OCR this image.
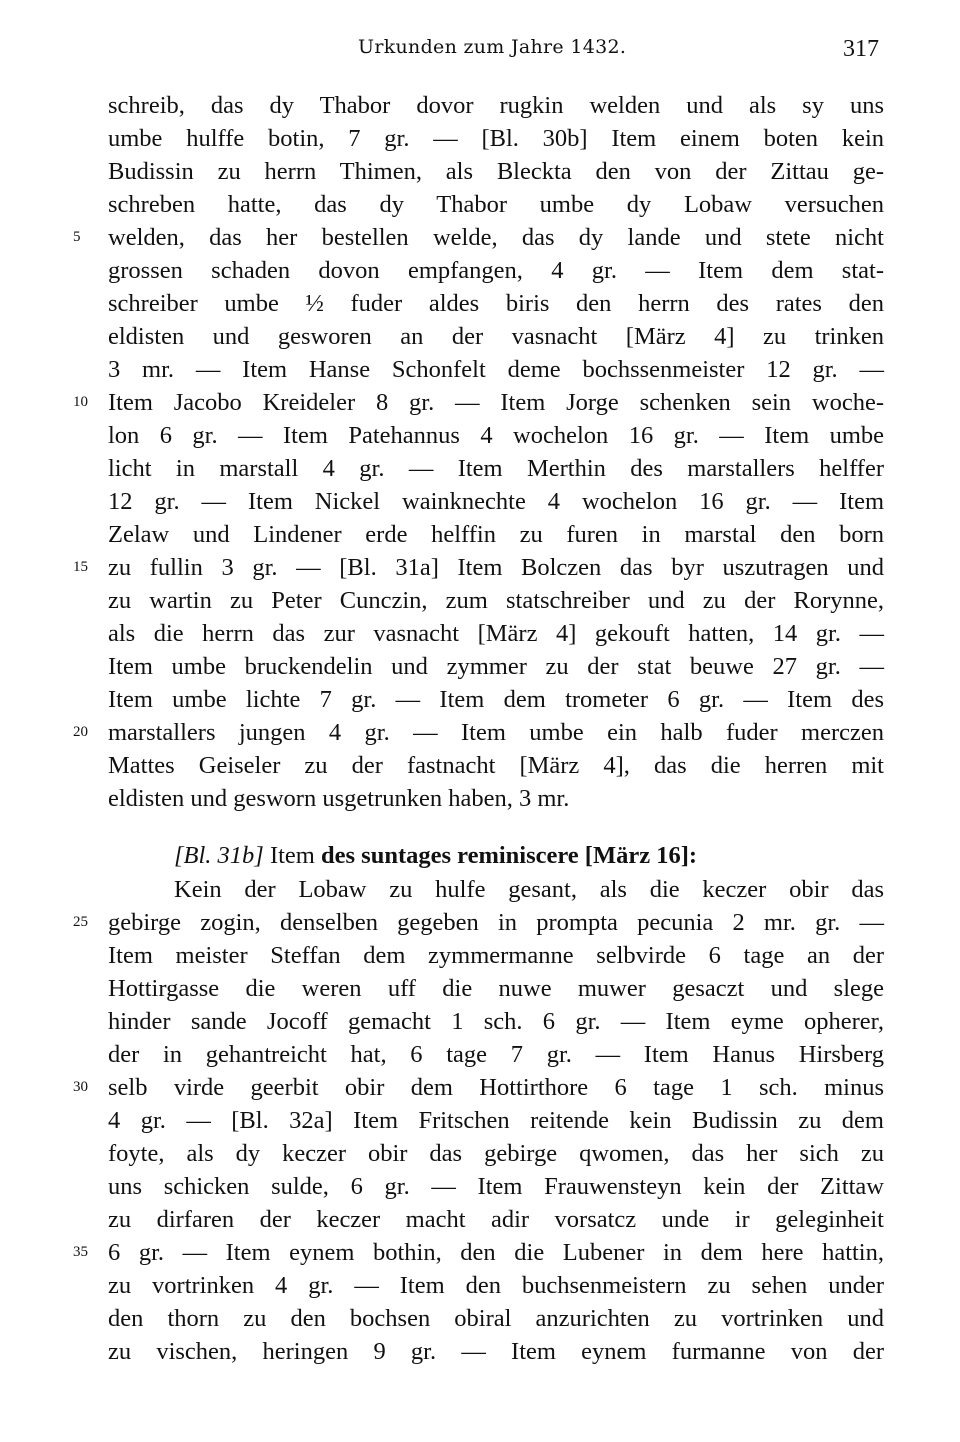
Urkunden zum Jahre 1432.	317
schreib, das dy Thabor dovor rugkin welden und als sy uns
umbe hulffe botin, 7 gr. — [Bl. 30b] Item einem boten kein
Budissin zu herrn Thimen, als Bleckta den von der Zittau ge-
schreben hatte, das dy Thabor umbe dy Lobaw versuchen
welden, das her bestellen welde, das dy lande und stete nicht
grossen schaden dovon empfangen, 4 gr. — Item dem stat-
schreiber umbe ½ fuder aldes biris den herrn des rates den
eldisten und gesworen an der vasnacht [März 4] zu trinken
3 mr. — Item Hanse Schonfelt deme bochssenmeister 12 gr. —
Item Jacobo Kreideler 8 gr. — Item Jorge schenken sein woche-
lon 6 gr. — Item Patehannus 4 wochelon 16 gr. — Item umbe
licht in marstall 4 gr. — Item Merthin des marstallers helffer
12 gr. — Item Nickel wainknechte 4 wochelon 16 gr. — Item
Zelaw und Lindener erde helffin zu furen in marstal den born
zu fullin 3 gr. — [Bl. 31a] Item Bolczen das byr uszutragen und
zu wartin zu Peter Cunczin, zum statschreiber und zu der Rorynne,
als die herrn das zur vasnacht [März 4] gekouft hatten, 14 gr. —
Item umbe bruckendelin und zymmer zu der stat beuwe 27 gr. —
Item umbe lichte 7 gr. — Item dem trometer 6 gr. — Item des
marstallers jungen 4 gr. — Item umbe ein halb fuder merczen
Mattes Geiseler zu der fastnacht [März 4], das die herren mit
eldisten und gesworn usgetrunken haben, 3 mr.
[Bl. 31b] Item des suntages reminiscere [März 16]:
Kein der Lobaw zu hulfe gesant, als die keczer obir das
gebirge zogin, denselben gegeben in prompta pecunia 2 mr. gr. —
Item meister Steffan dem zymmermanne selbvirde 6 tage an der
Hottirgasse die weren uff die nuwe muwer gesaczt und slege
hinder sande Jocoff gemacht 1 sch. 6 gr. — Item eyme opherer,
der in gehantreicht hat, 6 tage 7 gr. — Item Hanus Hirsberg
selb virde geerbit obir dem Hottirthore 6 tage 1 sch. minus
4 gr. — [Bl. 32a] Item Fritschen reitende kein Budissin zu dem
foyte, als dy keczer obir das gebirge qwomen, das her sich zu
uns schicken sulde, 6 gr. — Item Frauwensteyn kein der Zittaw
zu dirfaren der keczer macht adir vorsatcz unde ir geleginheit
6 gr. — Item eynem bothin, den die Lubener in dem here hattin,
zu vortrinken 4 gr. — Item den buchsenmeistern zu sehen under
den thorn zu den bochsen obiral anzurichten zu vortrinken und
zu vischen, heringen 9 gr. — Item eynem furmanne von der
5
10
15
20
25
30
35
